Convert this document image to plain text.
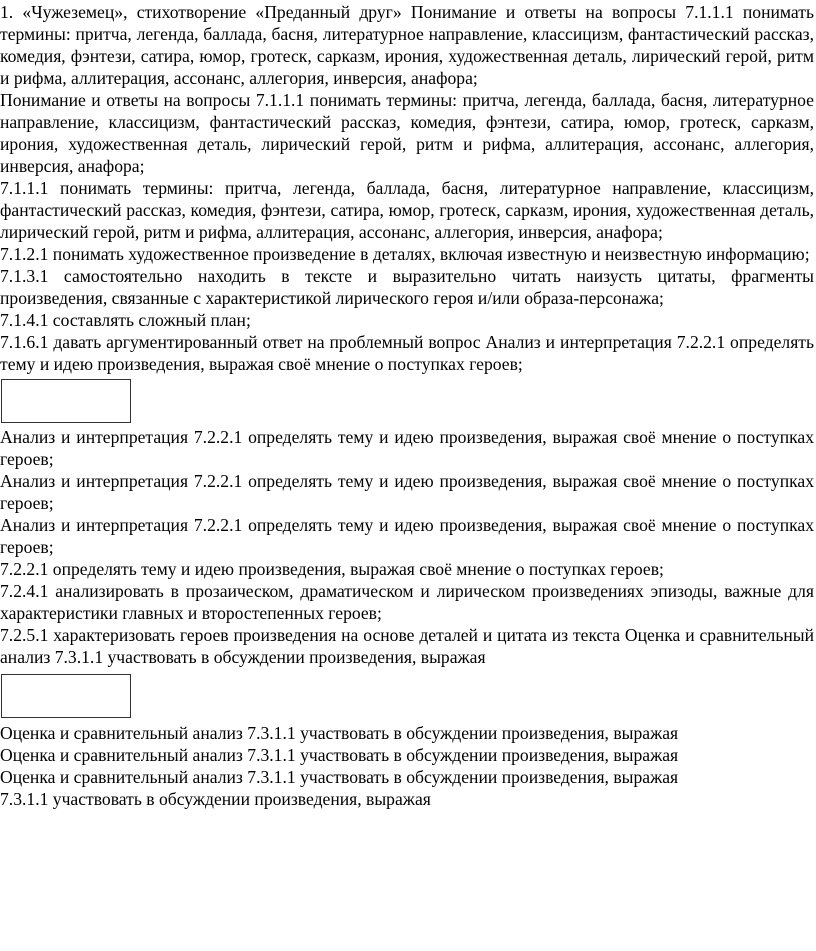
1. «Чужеземец», стихотворение «Преданный друг» Понимание и ответы на вопросы 7.1.1.1 понимать термины: притча, легенда, баллада, басня, литературное направление, классицизм, фантастический рассказ, комедия, фэнтези, сатира, юмор, гротеск, сарказм, ирония, художественная деталь, лирический герой, ритм и рифма, аллитерация, ассонанс, аллегория, инверсия, анафора;

Понимание и ответы на вопросы 7.1.1.1 понимать термины: притча, легенда, баллада, басня, литературное направление, классицизм, фантастический рассказ, комедия, фэнтези, сатира, юмор, гротеск, сарказм, ирония, художественная деталь, лирический герой, ритм и рифма, аллитерация, ассонанс, аллегория, инверсия, анафора;

7.1.1.1 понимать термины: притча, легенда, баллада, басня, литературное направление, классицизм, фантастический рассказ, комедия, фэнтези, сатира, юмор, гротеск, сарказм, ирония, художественная деталь, лирический герой, ритм и рифма, аллитерация, ассонанс, аллегория, инверсия, анафора;

7.1.2.1 понимать художественное произведение в деталях, включая известную и неизвестную информацию;

7.1.3.1 самостоятельно находить в тексте и выразительно читать наизусть цитаты, фрагменты произведения, связанные с характеристикой лирического героя и/или образа-персонажа;

7.1.4.1 составлять сложный план;

7.1.6.1 давать аргументированный ответ на проблемный вопрос Анализ и интерпретация 7.2.2.1 определять тему и идею произведения, выражая своё мнение о поступках героев;

Анализ и интерпретация 7.2.2.1 определять тему и идею произведения, выражая своё мнение о поступках героев;

Анализ и интерпретация 7.2.2.1 определять тему и идею произведения, выражая своё мнение о поступках героев;

Анализ и интерпретация 7.2.2.1 определять тему и идею произведения, выражая своё мнение о поступках героев;

7.2.2.1 определять тему и идею произведения, выражая своё мнение о поступках героев;

7.2.4.1 анализировать в прозаическом, драматическом и лирическом произведениях эпизоды, важные для характеристики главных и второстепенных героев;

7.2.5.1 характеризовать героев произведения на основе деталей и цитата из текста Оценка и сравнительный анализ 7.3.1.1 участвовать в обсуждении произведения, выражая

Оценка и сравнительный анализ 7.3.1.1 участвовать в обсуждении произведения, выражая

Оценка и сравнительный анализ 7.3.1.1 участвовать в обсуждении произведения, выражая

Оценка и сравнительный анализ 7.3.1.1 участвовать в обсуждении произведения, выражая

7.3.1.1 участвовать в обсуждении произведения, выражая
